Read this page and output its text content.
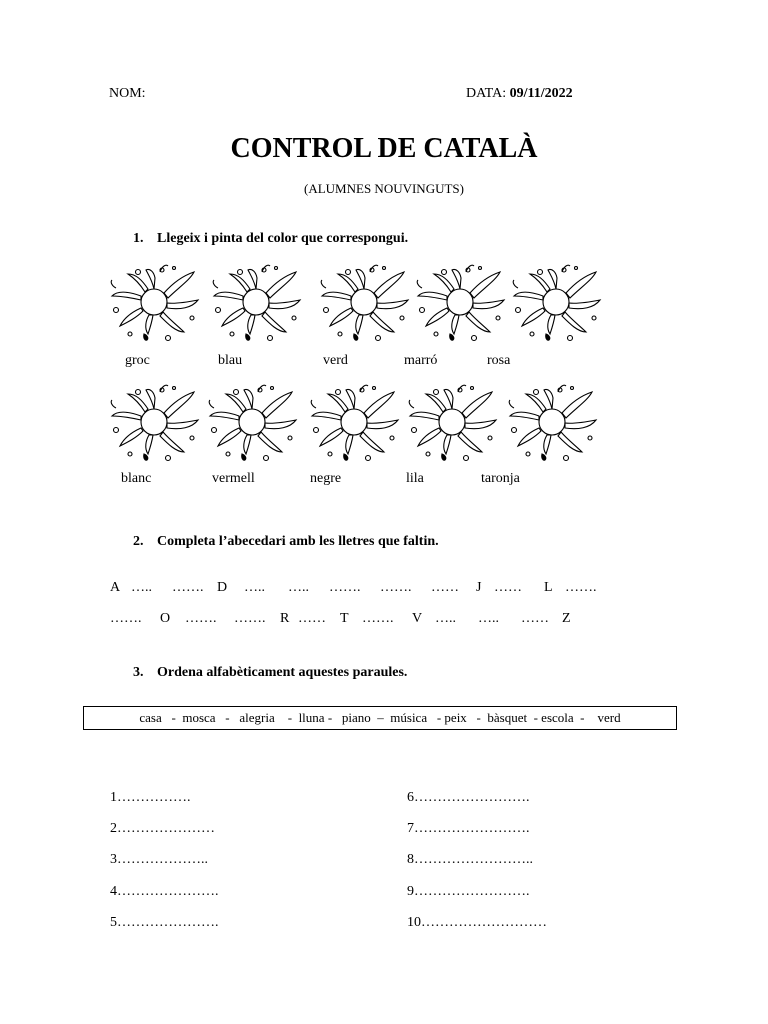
NOM:	DATA: 09/11/2022
CONTROL DE CATALÀ
(ALUMNES NOUVINGUTS)
1. Llegeix i pinta del color que correspongui.
groc	blau	verd	marró	rosa
blanc	vermell	negre	lila	taronja
2. Completa l’abecedari amb les lletres que faltin.
A ….. ……. D ….. ….. ……. ……. …… J …… L …….
……. O ……. ……. R …… T ……. V ….. ….. …… Z
3. Ordena alfabèticament aquestes paraules.
casa   -  mosca   -   alegria    -  lluna -   piano  –  música   - peix   -  bàsquet  - escola  -    verd
1…………….
2…………………
3………………..
4………………….
5………………….
6…………………….
7…………………….
8……………………..
9…………………….
10………………………
